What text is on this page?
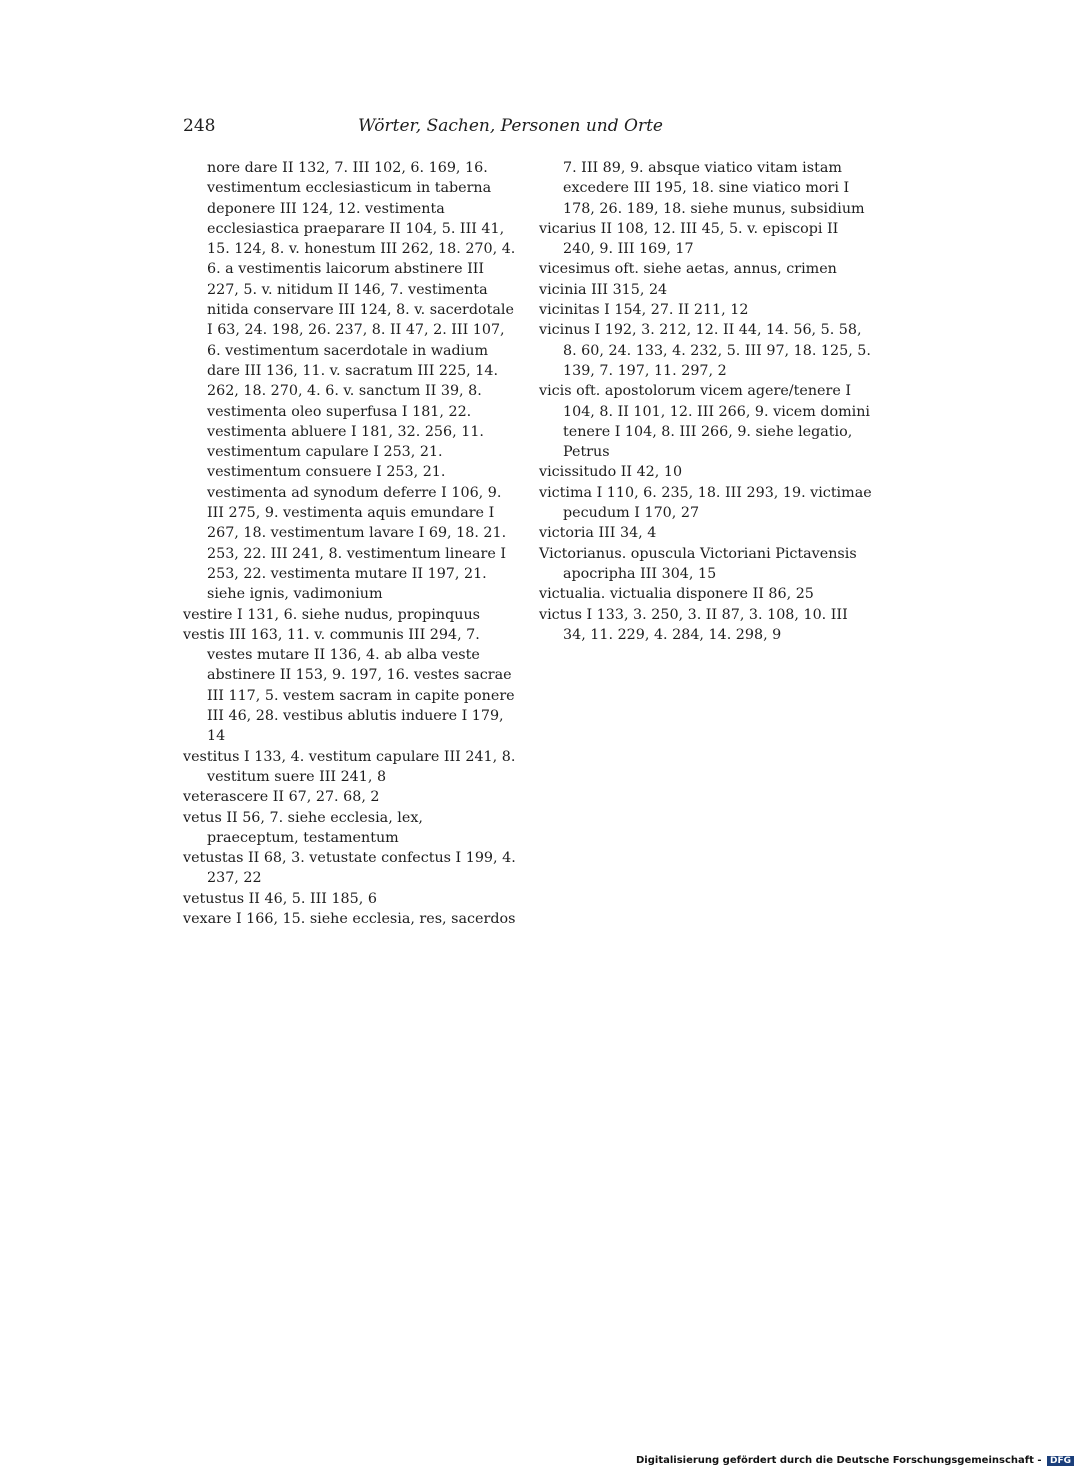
248	Wörter, Sachen, Personen und Orte

nore dare II 132, 7. III 102, 6. 169, 16. vestimentum ecclesiasticum in taberna deponere III 124, 12. vestimenta ecclesiastica praeparare II 104, 5. III 41, 15. 124, 8. v. honestum III 262, 18. 270, 4. 6. a vestimentis laicorum abstinere III 227, 5. v. nitidum II 146, 7. vestimenta nitida conservare III 124, 8. v. sacerdotale I 63, 24. 198, 26. 237, 8. II 47, 2. III 107, 6. vestimentum sacerdotale in wadium dare III 136, 11. v. sacratum III 225, 14. 262, 18. 270, 4. 6. v. sanctum II 39, 8. vestimenta oleo superfusa I 181, 22. vestimenta abluere I 181, 32. 256, 11. vestimentum capulare I 253, 21. vestimentum consuere I 253, 21. vestimenta ad synodum deferre I 106, 9. III 275, 9. vestimenta aquis emundare I 267, 18. vestimentum lavare I 69, 18. 21. 253, 22. III 241, 8. vestimentum lineare I 253, 22. vestimenta mutare II 197, 21. siehe ignis, vadimonium

vestire I 131, 6. siehe nudus, propinquus

vestis III 163, 11. v. communis III 294, 7. vestes mutare II 136, 4. ab alba veste abstinere II 153, 9. 197, 16. vestes sacrae III 117, 5. vestem sacram in capite ponere III 46, 28. vestibus ablutis induere I 179, 14

vestitus I 133, 4. vestitum capulare III 241, 8. vestitum suere III 241, 8

veterascere II 67, 27. 68, 2

vetus II 56, 7. siehe ecclesia, lex, praeceptum, testamentum

vetustas II 68, 3. vetustate confectus I 199, 4. 237, 22

vetustus II 46, 5. III 185, 6

vexare I 166, 15. siehe ecclesia, res, sacerdos

7. III 89, 9. absque viatico vitam istam excedere III 195, 18. sine viatico mori I 178, 26. 189, 18. siehe munus, subsidium

vicarius II 108, 12. III 45, 5. v. episcopi II 240, 9. III 169, 17

vicesimus oft. siehe aetas, annus, crimen

vicinia III 315, 24

vicinitas I 154, 27. II 211, 12

vicinus I 192, 3. 212, 12. II 44, 14. 56, 5. 58, 8. 60, 24. 133, 4. 232, 5. III 97, 18. 125, 5. 139, 7. 197, 11. 297, 2

vicis oft. apostolorum vicem agere/tenere I 104, 8. II 101, 12. III 266, 9. vicem domini tenere I 104, 8. III 266, 9. siehe legatio, Petrus

vicissitudo II 42, 10

victima I 110, 6. 235, 18. III 293, 19. victimae pecudum I 170, 27

victoria III 34, 4

Victorianus. opuscula Victoriani Pictavensis apocripha III 304, 15

victualia. victualia disponere II 86, 25

victus I 133, 3. 250, 3. II 87, 3. 108, 10. III 34, 11. 229, 4. 284, 14. 298, 9

Digitalisierung gefördert durch die Deutsche Forschungsgemeinschaft - DFG
